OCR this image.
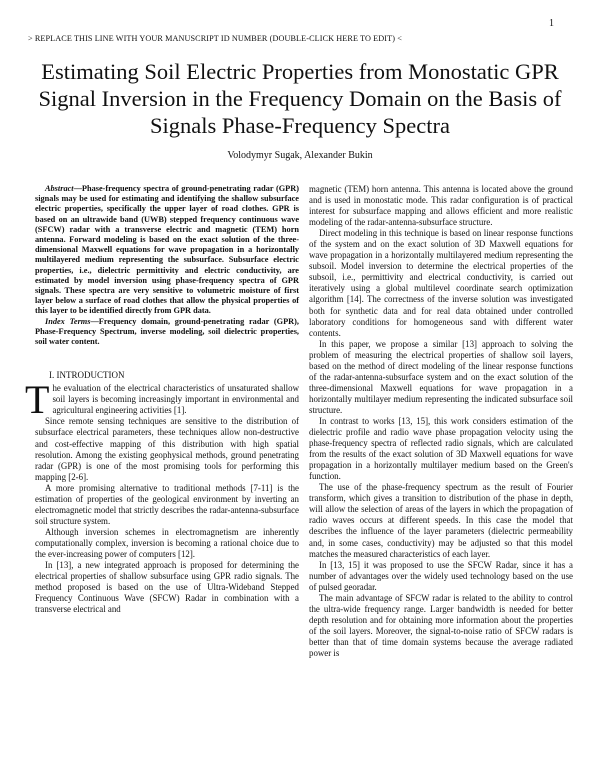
1
> REPLACE THIS LINE WITH YOUR MANUSCRIPT ID NUMBER (DOUBLE-CLICK HERE TO EDIT) <
Estimating Soil Electric Properties from Monostatic GPR Signal Inversion in the Frequency Domain on the Basis of Signals Phase-Frequency Spectra
Volodymyr Sugak, Alexander Bukin

Abstract—Phase-frequency spectra of ground-penetrating radar (GPR) signals may be used for estimating and identifying the shallow subsurface electric properties, specifically the upper layer of road clothes. GPR is based on an ultrawide band (UWB) stepped frequency continuous wave (SFCW) radar with a transverse electric and magnetic (TEM) horn antenna. Forward modeling is based on the exact solution of the three-dimensional Maxwell equations for wave propagation in a horizontally multilayered medium representing the subsurface. Subsurface electric properties, i.e., dielectric permittivity and electric conductivity, are estimated by model inversion using phase-frequency spectra of GPR signals. These spectra are very sensitive to volumetric moisture of first layer below a surface of road clothes that allow the physical properties of this layer to be identified directly from GPR data.

Index Terms—Frequency domain, ground-penetrating radar (GPR), Phase-Frequency Spectrum, inverse modeling, soil dielectric properties, soil water content.

I. INTRODUCTION

The evaluation of the electrical characteristics of unsaturated shallow soil layers is becoming increasingly important in environmental and agricultural engineering activities [1].

Since remote sensing techniques are sensitive to the distribution of subsurface electrical parameters, these techniques allow non-destructive and cost-effective mapping of this distribution with high spatial resolution. Among the existing geophysical methods, ground penetrating radar (GPR) is one of the most promising tools for performing this mapping [2-6].

A more promising alternative to traditional methods [7-11] is the estimation of properties of the geological environment by inverting an electromagnetic model that strictly describes the radar-antenna-subsurface soil structure system.

Although inversion schemes in electromagnetism are inherently computationally complex, inversion is becoming a rational choice due to the ever-increasing power of computers [12].

In [13], a new integrated approach is proposed for determining the electrical properties of shallow subsurface using GPR radio signals. The method proposed is based on the use of Ultra-Wideband Stepped Frequency Continuous Wave (SFCW) Radar in combination with a transverse electrical and

magnetic (TEM) horn antenna. This antenna is located above the ground and is used in monostatic mode. This radar configuration is of practical interest for subsurface mapping and allows efficient and more realistic modeling of the radar-antenna-subsurface structure.

Direct modeling in this technique is based on linear response functions of the system and on the exact solution of 3D Maxwell equations for wave propagation in a horizontally multilayered medium representing the subsoil. Model inversion to determine the electrical properties of the subsoil, i.e., permittivity and electrical conductivity, is carried out iteratively using a global multilevel coordinate search optimization algorithm [14]. The correctness of the inverse solution was investigated both for synthetic data and for real data obtained under controlled laboratory conditions for homogeneous sand with different water contents.

In this paper, we propose a similar [13] approach to solving the problem of measuring the electrical properties of shallow soil layers, based on the method of direct modeling of the linear response functions of the radar-antenna-subsurface system and on the exact solution of the three-dimensional Maxwell equations for wave propagation in a horizontally multilayer medium representing the indicated subsurface soil structure.

In contrast to works [13, 15], this work considers estimation of the dielectric profile and radio wave phase propagation velocity using the phase-frequency spectra of reflected radio signals, which are calculated from the results of the exact solution of 3D Maxwell equations for wave propagation in a horizontally multilayer medium based on the Green's function.

The use of the phase-frequency spectrum as the result of Fourier transform, which gives a transition to distribution of the phase in depth, will allow the selection of areas of the layers in which the propagation of radio waves occurs at different speeds. In this case the model that describes the influence of the layer parameters (dielectric permeability and, in some cases, conductivity) may be adjusted so that this model matches the measured characteristics of each layer.

In [13, 15] it was proposed to use the SFCW Radar, since it has a number of advantages over the widely used technology based on the use of pulsed georadar.

The main advantage of SFCW radar is related to the ability to control the ultra-wide frequency range. Larger bandwidth is needed for better depth resolution and for obtaining more information about the properties of the soil layers. Moreover, the signal-to-noise ratio of SFCW radars is better than that of time domain systems because the average radiated power is
